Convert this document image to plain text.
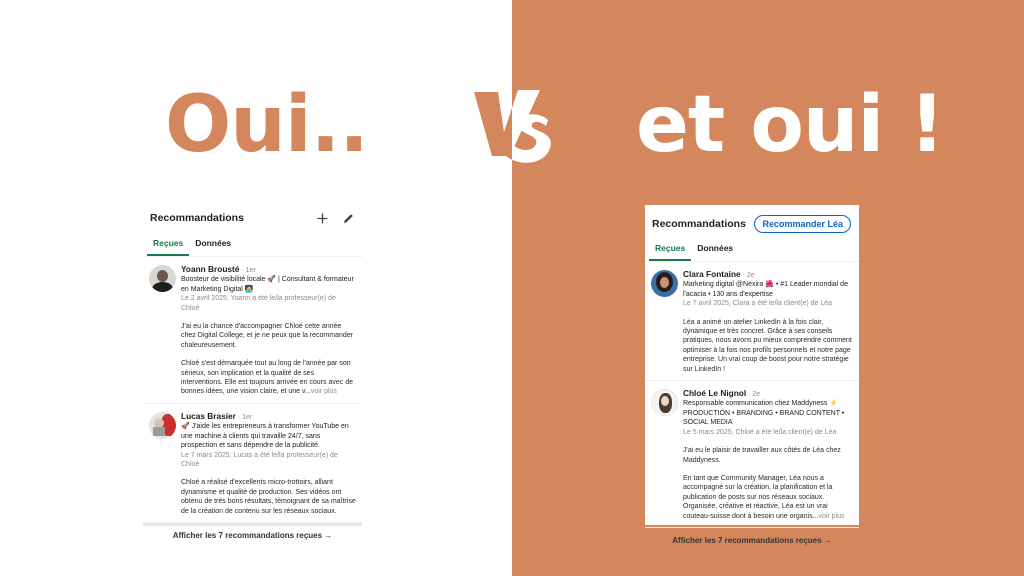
Oui..	et oui !
Recommandations
Reçues	Données
Yoann Brousté · 1er
Boosteur de visibilité locale 🚀 | Consultant & formateur en Marketing Digital 🧑‍💻
Le 2 avril 2025, Yoann a été le/la professeur(e) de Chloé

J'ai eu la chance d'accompagner Chloé cette année chez Digital College, et je ne peux que la recommander chaleureusement.

Chloé s'est démarquée tout au long de l'année par son sérieux, son implication et la qualité de ses interventions. Elle est toujours arrivée en cours avec de bonnes idées, une vision claire, et une v...voir plus

Lucas Brasier · 1er
🚀 J'aide les entrepreneurs à transformer YouTube en une machine à clients qui travaille 24/7, sans prospection et sans dépendre de la publicité.
Le 7 mars 2025, Lucas a été le/la professeur(e) de Chloé

Chloé a réalisé d'excellents micro-trottoirs, alliant dynamisme et qualité de production. Ses vidéos ont obtenu de très bons résultats, témoignant de sa maîtrise de la création de contenu sur les réseaux sociaux.

Afficher les 7 recommandations reçues →
Recommandations	Recommander Léa
Reçues	Données
Clara Fontaine · 2e
Marketing digital @Nexira 🌺 • #1 Leader mondial de l'acacia • 130 ans d'expertise
Le 7 avril 2025, Clara a été le/la client(e) de Léa

Léa a animé un atelier LinkedIn à la fois clair, dynamique et très concret. Grâce à ses conseils pratiques, nous avons pu mieux comprendre comment optimiser à la fois nos profils personnels et notre page entreprise. Un vrai coup de boost pour notre stratégie sur LinkedIn !

Chloé Le Nignol · 2e
Responsable communication chez Maddyness ⚡ PRODUCTION • BRANDING • BRAND CONTENT • SOCIAL MEDIA
Le 5 mars 2025, Chloé a été le/la client(e) de Léa

J'ai eu le plaisir de travailler aux côtés de Léa chez Maddyness.

En tant que Community Manager, Léa nous a accompagné sur la création, la planification et la publication de posts sur nos réseaux sociaux. Organisée, créative et réactive, Léa est un vrai couteau-suisse dont à besoin une organis...voir plus

Afficher les 7 recommandations reçues →
